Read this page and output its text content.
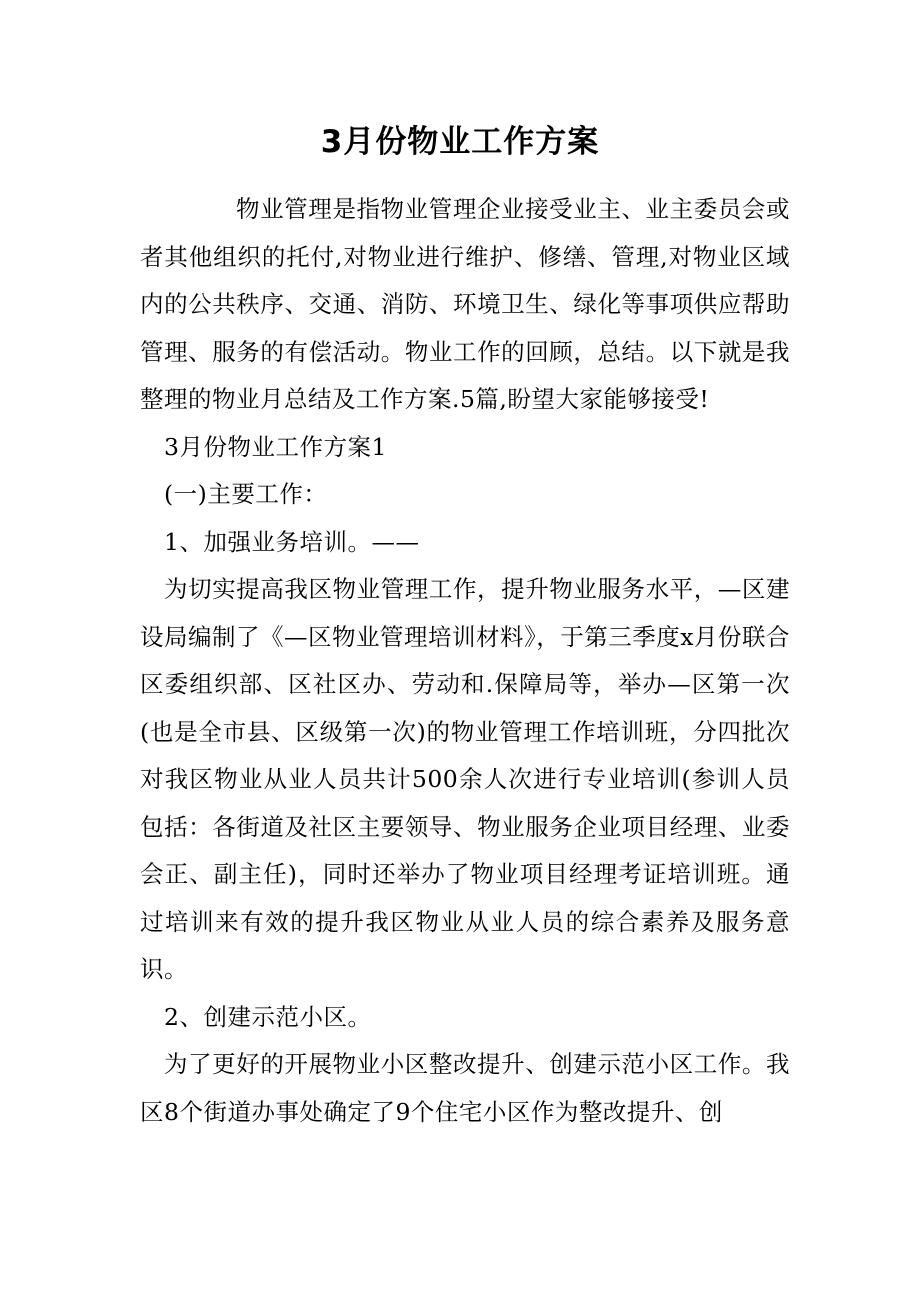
3月份物业工作方案

物业管理是指物业管理企业接受业主、业主委员会或者其他组织的托付,对物业进行维护、修缮、管理,对物业区域内的公共秩序、交通、消防、环境卫生、绿化等事项供应帮助管理、服务的有偿活动。物业工作的回顾，总结。以下就是我整理的物业月总结及工作方案.5篇,盼望大家能够接受!

3月份物业工作方案1

(一)主要工作：

1、加强业务培训。——

为切实提高我区物业管理工作，提升物业服务水平，—区建设局编制了《—区物业管理培训材料》，于第三季度x月份联合区委组织部、区社区办、劳动和.保障局等，举办—区第一次(也是全市县、区级第一次)的物业管理工作培训班，分四批次对我区物业从业人员共计500余人次进行专业培训(参训人员包括：各街道及社区主要领导、物业服务企业项目经理、业委会正、副主任)，同时还举办了物业项目经理考证培训班。通过培训来有效的提升我区物业从业人员的综合素养及服务意识。

2、创建示范小区。

为了更好的开展物业小区整改提升、创建示范小区工作。我区8个街道办事处确定了9个住宅小区作为整改提升、创
